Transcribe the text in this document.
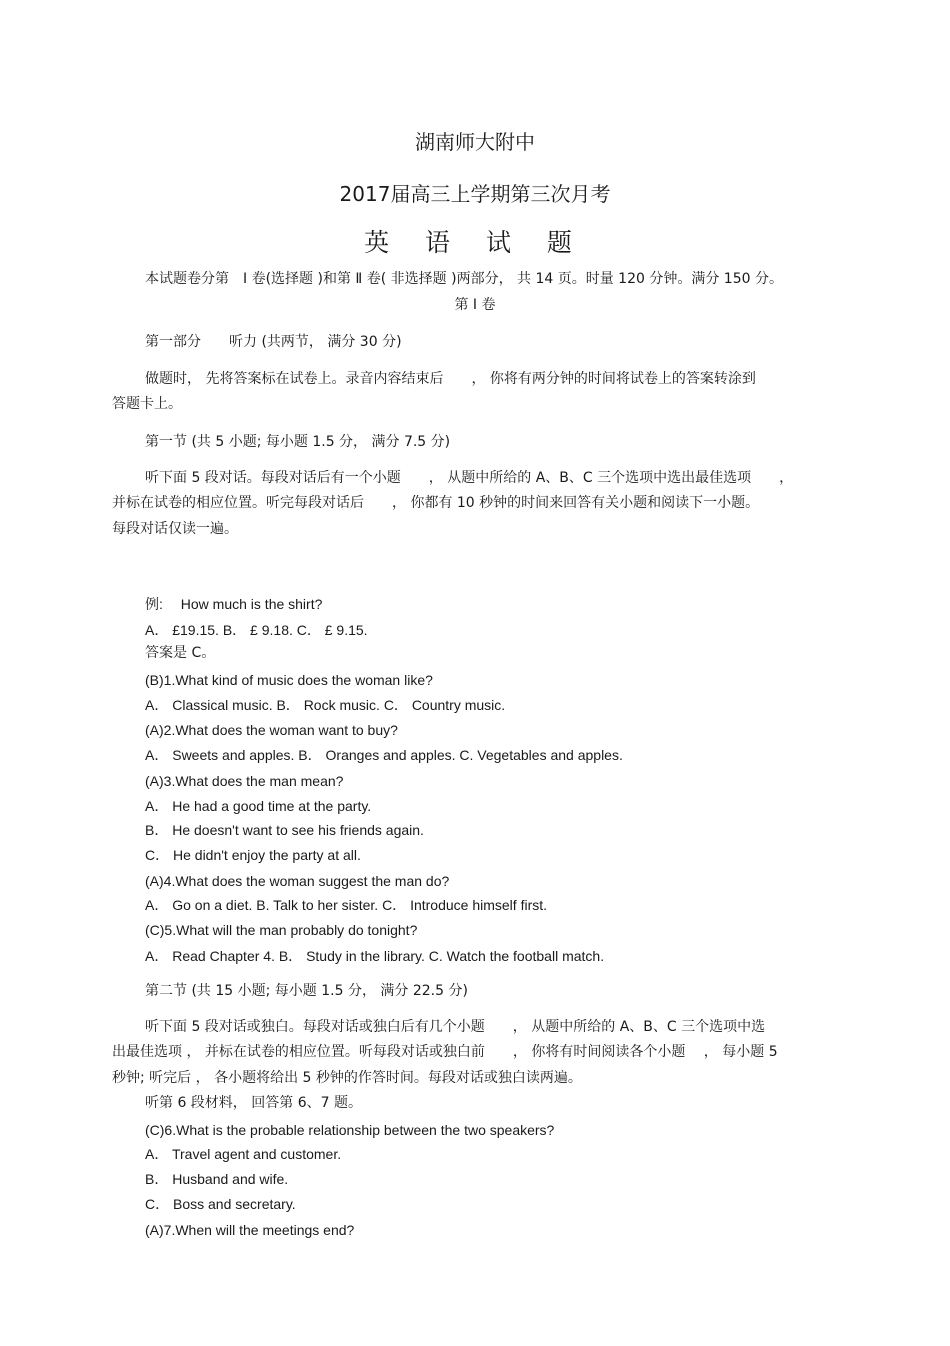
湖南师大附中
2017届高三上学期第三次月考
英 语 试 题
本试题卷分第　Ⅰ 卷(选择题 )和第 Ⅱ 卷( 非选择题 )两部分， 共 14 页。时量 120 分钟。满分 150 分。
第 Ⅰ 卷
第一部分　　听力 (共两节， 满分 30 分)
做题时， 先将答案标在试卷上。录音内容结束后　　， 你将有两分钟的时间将试卷上的答案转涂到
答题卡上。
第一节 (共 5 小题; 每小题 1.5 分， 满分 7.5 分)
听下面 5 段对话。每段对话后有一个小题　　， 从题中所给的 A、B、C 三个选项中选出最佳选项　　，
并标在试卷的相应位置。听完每段对话后　　， 你都有 10 秒钟的时间来回答有关小题和阅读下一小题。
每段对话仅读一遍。
例:　 How much is the shirt?
A． £19.15. B． £ 9.18. C． £ 9.15.
答案是 C。
(B)1.What kind of music does the woman like?
A． Classical music. B． Rock music. C． Country music.
(A)2.What does the woman want to buy?
A． Sweets and apples. B． Oranges and apples. C. Vegetables and apples.
(A)3.What does the man mean?
A． He had a good time at the party.
B． He doesn't want to see his friends again.
C． He didn't enjoy the party at all.
(A)4.What does the woman suggest the man do?
A． Go on a diet. B. Talk to her sister. C． Introduce himself first.
(C)5.What will the man probably do tonight?
A． Read Chapter 4. B． Study in the library. C. Watch the football match.
第二节 (共 15 小题; 每小题 1.5 分， 满分 22.5 分)
听下面 5 段对话或独白。每段对话或独白后有几个小题　　， 从题中所给的 A、B、C 三个选项中选
出最佳选项 ， 并标在试卷的相应位置。听每段对话或独白前　　， 你将有时间阅读各个小题　 ， 每小题 5
秒钟; 听完后 ， 各小题将给出 5 秒钟的作答时间。每段对话或独白读两遍。
听第 6 段材料， 回答第 6、7 题。
(C)6.What is the probable relationship between the two speakers?
A． Travel agent and customer.
B． Husband and wife.
C． Boss and secretary.
(A)7.When will the meetings end?
